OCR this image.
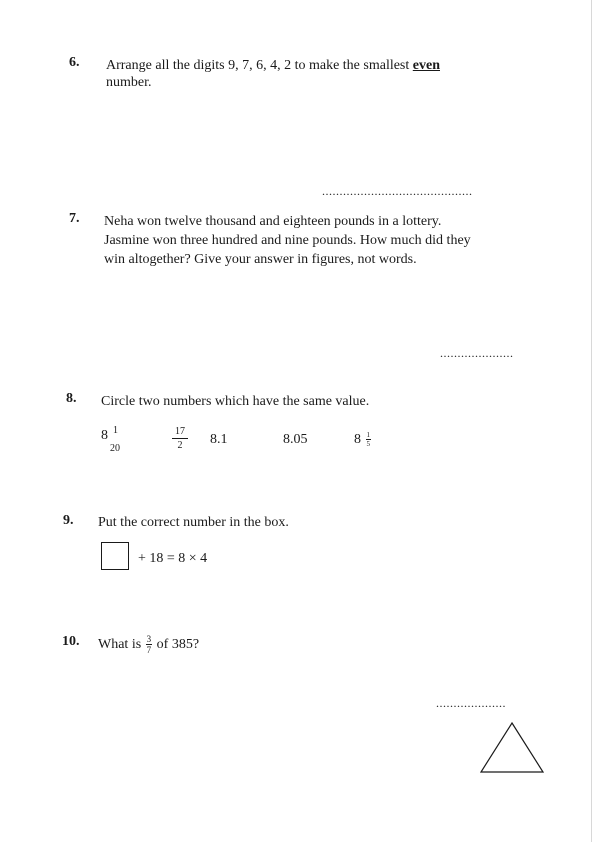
6. Arrange all the digits 9, 7, 6, 4, 2 to make the smallest even
number.
...........................................
7. Neha won twelve thousand and eighteen pounds in a lottery.
Jasmine won three hundred and nine pounds. How much did they
win altogether? Give your answer in figures, not words.
.....................
8. Circle two numbers which have the same value.
8 1
20	$\frac{17}{2} 8.1$	8.05	$8 \frac{1}{5}$
9. Put the correct number in the box.
+ 18 = 8 × 4
10. What is $\frac{3}{7}$ of 385?
....................
